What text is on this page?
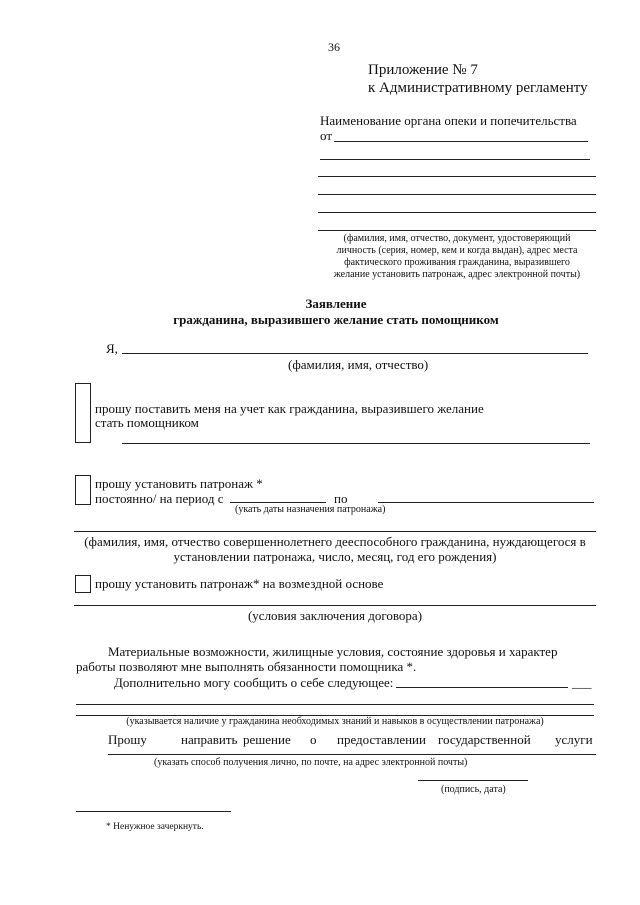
36
Приложение № 7
к Административному регламенту
Наименование органа опеки и попечительства
от
(фамилия, имя, отчество, документ, удостоверяющий
личность (серия, номер, кем и когда выдан), адрес места
фактического проживания гражданина, выразившего
желание установить патронаж, адрес электронной почты)
Заявление
гражданина, выразившего желание стать помощником
Я,
(фамилия, имя, отчество)
прошу поставить меня на учет как гражданина, выразившего желание
стать помощником
прошу установить патронаж *
постоянно/ на период с	по
(укать даты назначения патронажа)
(фамилия, имя, отчество совершеннолетнего дееспособного гражданина, нуждающегося в
установлении патронажа, число, месяц, год его рождения)
прошу установить патронаж* на возмездной основе
(условия заключения договора)
Материальные возможности, жилищные условия, состояние здоровья и характер
работы позволяют мне выполнять обязанности помощника *.
Дополнительно могу сообщить о себе следующее:	___
(указывается наличие у гражданина необходимых знаний и навыков в осуществлении патронажа)
Прошу	направить решение о предоставлении государственной услуги
(указать способ получения лично, по почте, на адрес электронной почты)
(подпись, дата)
* Ненужное зачеркнуть.
